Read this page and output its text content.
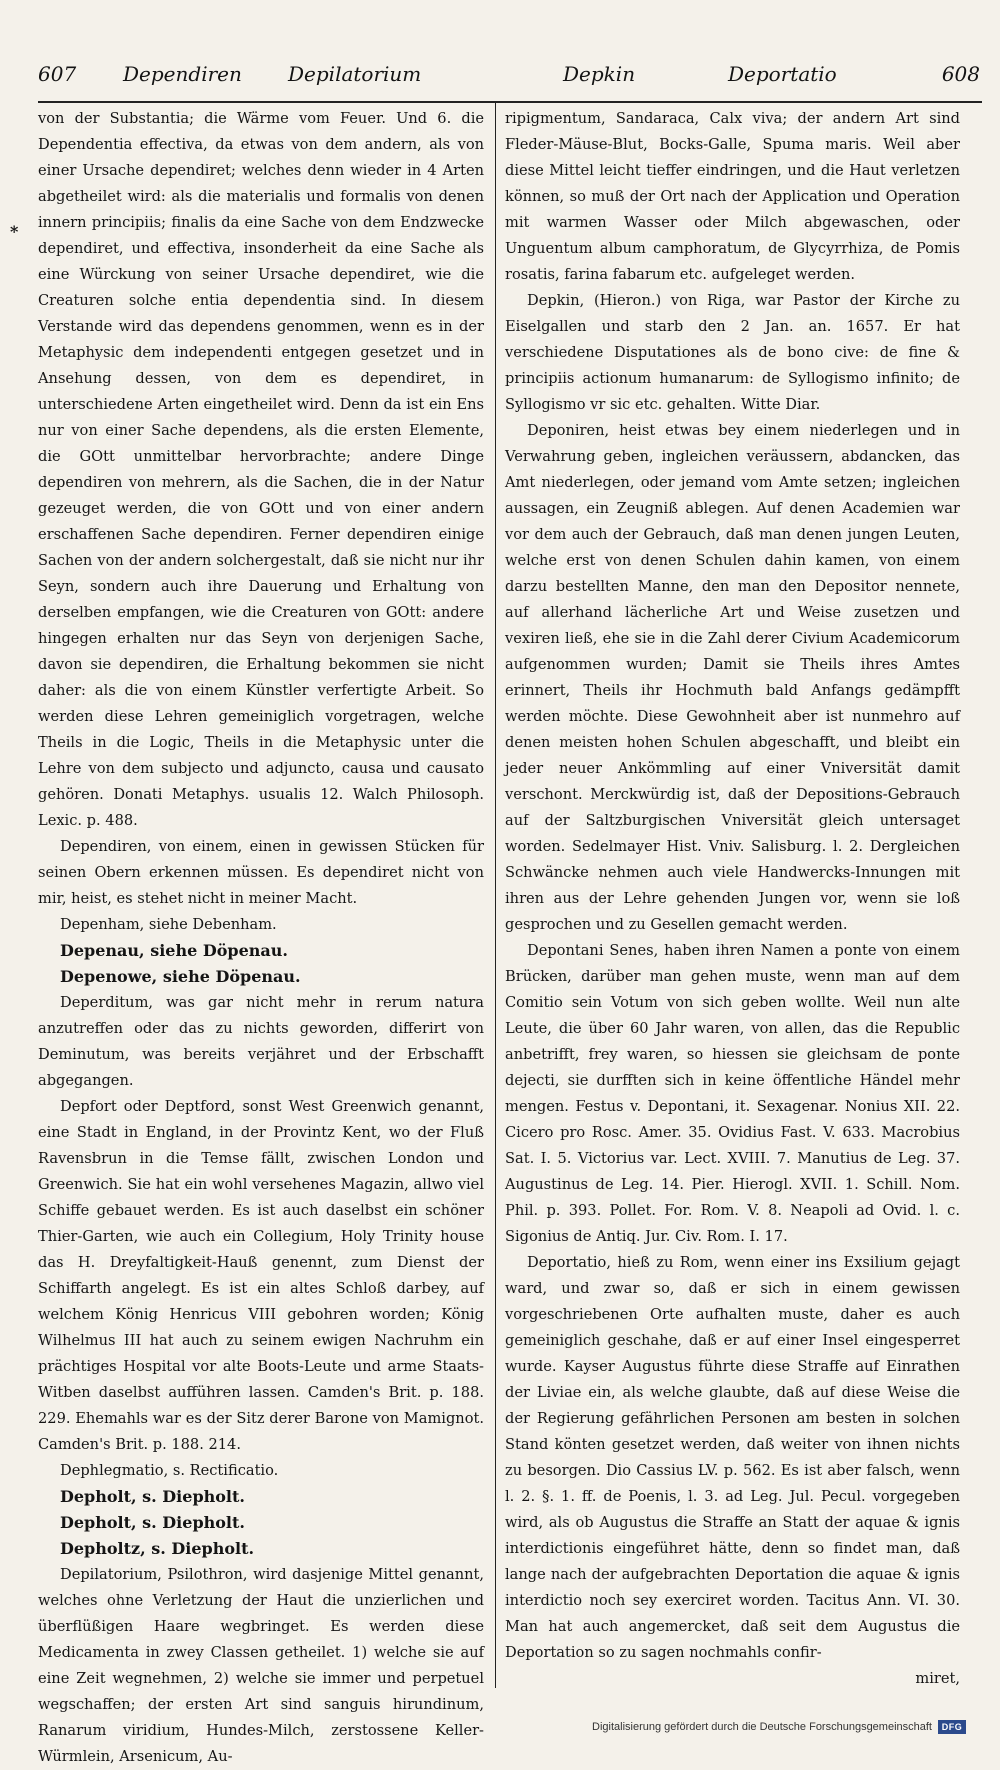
607 Dependiren Depilatorium	Depkin	Deportatio	608
*

von der Substantia; die Wärme vom Feuer. Und 6. die Dependentia effectiva, da etwas von dem andern, als von einer Ursache dependiret; welches denn wieder in 4 Arten abgetheilet wird: als die materialis und formalis von denen innern principiis; finalis da eine Sache von dem Endzwecke dependiret, und effectiva, insonderheit da eine Sache als eine Würckung von seiner Ursache dependiret, wie die Creaturen solche entia dependentia sind. In diesem Verstande wird das dependens genommen, wenn es in der Metaphysic dem independenti entgegen gesetzet und in Ansehung dessen, von dem es dependiret, in unterschiedene Arten eingetheilet wird. Denn da ist ein Ens nur von einer Sache dependens, als die ersten Elemente, die GOtt unmittelbar hervorbrachte; andere Dinge dependiren von mehrern, als die Sachen, die in der Natur gezeuget werden, die von GOtt und von einer andern erschaffenen Sache dependiren. Ferner dependiren einige Sachen von der andern solchergestalt, daß sie nicht nur ihr Seyn, sondern auch ihre Dauerung und Erhaltung von derselben empfangen, wie die Creaturen von GOtt: andere hingegen erhalten nur das Seyn von derjenigen Sache, davon sie dependiren, die Erhaltung bekommen sie nicht daher: als die von einem Künstler verfertigte Arbeit. So werden diese Lehren gemeiniglich vorgetragen, welche Theils in die Logic, Theils in die Metaphysic unter die Lehre von dem subjecto und adjuncto, causa und causato gehören. Donati Metaphys. usualis 12. Walch Philosoph. Lexic. p. 488.

Dependiren, von einem, einen in gewissen Stücken für seinen Obern erkennen müssen. Es dependiret nicht von mir, heist, es stehet nicht in meiner Macht.

Depenham, siehe Debenham.

Depenau, siehe Döpenau.

Depenowe, siehe Döpenau.

Deperditum, was gar nicht mehr in rerum natura anzutreffen oder das zu nichts geworden, differirt von Deminutum, was bereits verjähret und der Erbschafft abgegangen.

Depfort oder Deptford, sonst West Greenwich genannt, eine Stadt in England, in der Provintz Kent, wo der Fluß Ravensbrun in die Temse fällt, zwischen London und Greenwich. Sie hat ein wohl versehenes Magazin, allwo viel Schiffe gebauet werden. Es ist auch daselbst ein schöner Thier-Garten, wie auch ein Collegium, Holy Trinity house das H. Dreyfaltigkeit-Hauß genennt, zum Dienst der Schiffarth angelegt. Es ist ein altes Schloß darbey, auf welchem König Henricus VIII gebohren worden; König Wilhelmus III hat auch zu seinem ewigen Nachruhm ein prächtiges Hospital vor alte Boots-Leute und arme Staats-Witben daselbst aufführen lassen. Camden's Brit. p. 188. 229. Ehemahls war es der Sitz derer Barone von Mamignot. Camden's Brit. p. 188. 214.

Dephlegmatio, s. Rectificatio.

Depholt, s. Diepholt.

Depholt, s. Diepholt.

Depholtz, s. Diepholt.

Depilatorium, Psilothron, wird dasjenige Mittel genannt, welches ohne Verletzung der Haut die unzierlichen und überflüßigen Haare wegbringet. Es werden diese Medicamenta in zwey Classen getheilet. 1) welche sie auf eine Zeit wegnehmen, 2) welche sie immer und perpetuel wegschaffen; der ersten Art sind sanguis hirundinum, Ranarum viridium, Hundes-Milch, zerstossene Keller-Würmlein, Arsenicum, Au-

ripigmentum, Sandaraca, Calx viva; der andern Art sind Fleder-Mäuse-Blut, Bocks-Galle, Spuma maris. Weil aber diese Mittel leicht tieffer eindringen, und die Haut verletzen können, so muß der Ort nach der Application und Operation mit warmen Wasser oder Milch abgewaschen, oder Unguentum album camphoratum, de Glycyrrhiza, de Pomis rosatis, farina fabarum etc. aufgeleget werden.

Depkin, (Hieron.) von Riga, war Pastor der Kirche zu Eiselgallen und starb den 2 Jan. an. 1657. Er hat verschiedene Disputationes als de bono cive: de fine & principiis actionum humanarum: de Syllogismo infinito; de Syllogismo vr sic etc. gehalten. Witte Diar.

Deponiren, heist etwas bey einem niederlegen und in Verwahrung geben, ingleichen veräussern, abdancken, das Amt niederlegen, oder jemand vom Amte setzen; ingleichen aussagen, ein Zeugniß ablegen. Auf denen Academien war vor dem auch der Gebrauch, daß man denen jungen Leuten, welche erst von denen Schulen dahin kamen, von einem darzu bestellten Manne, den man den Depositor nennete, auf allerhand lächerliche Art und Weise zusetzen und vexiren ließ, ehe sie in die Zahl derer Civium Academicorum aufgenommen wurden; Damit sie Theils ihres Amtes erinnert, Theils ihr Hochmuth bald Anfangs gedämpfft werden möchte. Diese Gewohnheit aber ist nunmehro auf denen meisten hohen Schulen abgeschafft, und bleibt ein jeder neuer Ankömmling auf einer Vniversität damit verschont. Merckwürdig ist, daß der Depositions-Gebrauch auf der Saltzburgischen Vniversität gleich untersaget worden. Sedelmayer Hist. Vniv. Salisburg. l. 2. Dergleichen Schwäncke nehmen auch viele Handwercks-Innungen mit ihren aus der Lehre gehenden Jungen vor, wenn sie loß gesprochen und zu Gesellen gemacht werden.

Depontani Senes, haben ihren Namen a ponte von einem Brücken, darüber man gehen muste, wenn man auf dem Comitio sein Votum von sich geben wollte. Weil nun alte Leute, die über 60 Jahr waren, von allen, das die Republic anbetrifft, frey waren, so hiessen sie gleichsam de ponte dejecti, sie durfften sich in keine öffentliche Händel mehr mengen. Festus v. Depontani, it. Sexagenar. Nonius XII. 22. Cicero pro Rosc. Amer. 35. Ovidius Fast. V. 633. Macrobius Sat. I. 5. Victorius var. Lect. XVIII. 7. Manutius de Leg. 37. Augustinus de Leg. 14. Pier. Hierogl. XVII. 1. Schill. Nom. Phil. p. 393. Pollet. For. Rom. V. 8. Neapoli ad Ovid. l. c. Sigonius de Antiq. Jur. Civ. Rom. I. 17.

Deportatio, hieß zu Rom, wenn einer ins Exsilium gejagt ward, und zwar so, daß er sich in einem gewissen vorgeschriebenen Orte aufhalten muste, daher es auch gemeiniglich geschahe, daß er auf einer Insel eingesperret wurde. Kayser Augustus führte diese Straffe auf Einrathen der Liviae ein, als welche glaubte, daß auf diese Weise die der Regierung gefährlichen Personen am besten in solchen Stand könten gesetzet werden, daß weiter von ihnen nichts zu besorgen. Dio Cassius LV. p. 562. Es ist aber falsch, wenn l. 2. §. 1. ff. de Poenis, l. 3. ad Leg. Jul. Pecul. vorgegeben wird, als ob Augustus die Straffe an Statt der aquae & ignis interdictionis eingeführet hätte, denn so findet man, daß lange nach der aufgebrachten Deportation die aquae & ignis interdictio noch sey exerciret worden. Tacitus Ann. VI. 30. Man hat auch angemercket, daß seit dem Augustus die Deportation so zu sagen nochmahls confir-

miret,

Digitalisierung gefördert durch die Deutsche Forschungsgemeinschaft	DFG
